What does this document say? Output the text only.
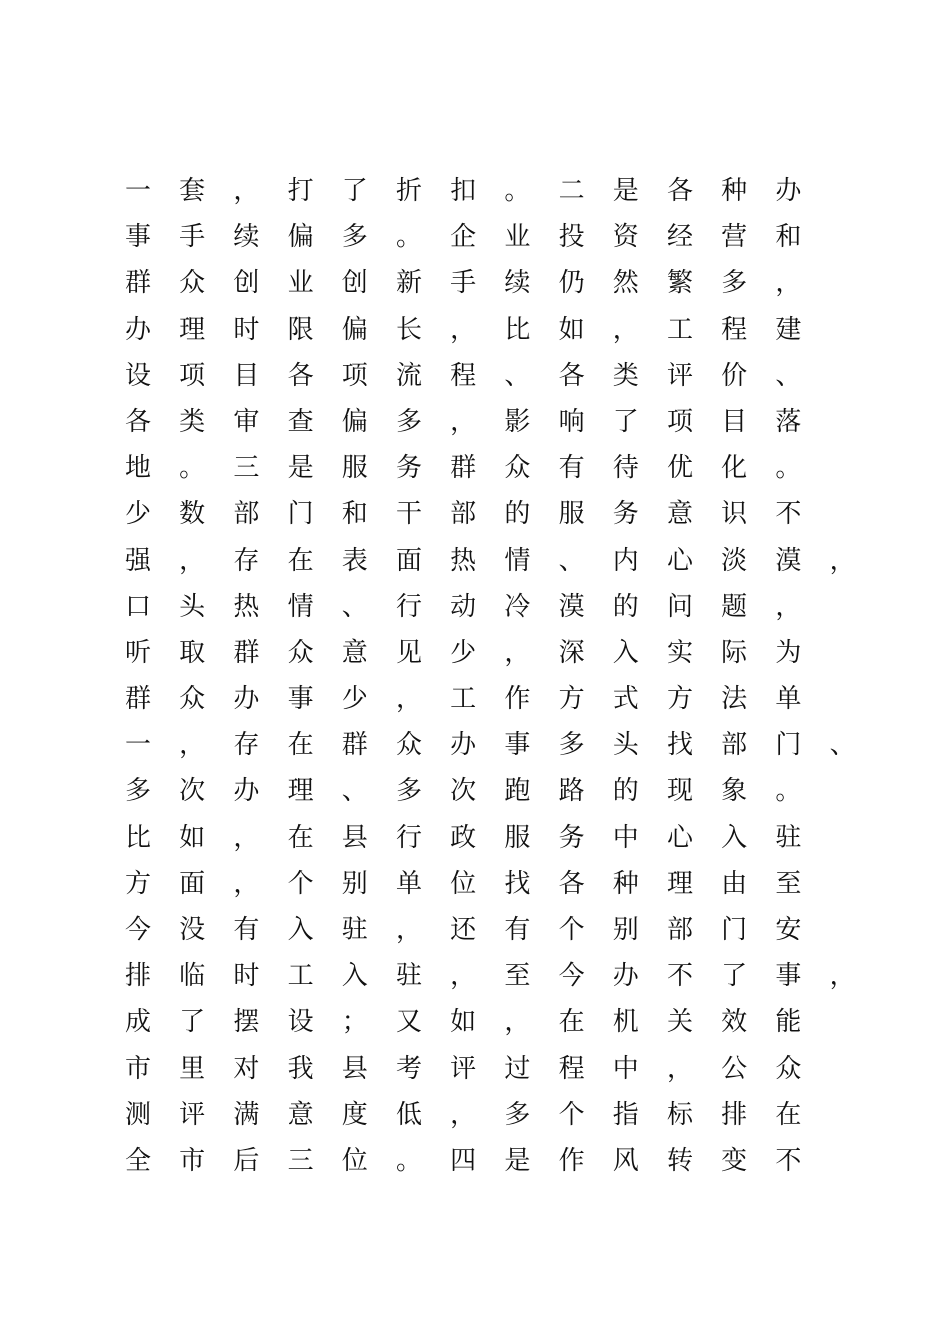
一 套 ， 打 了 折 扣 。 二 是 各 种 办
事 手 续 偏 多 。 企 业 投 资 经 营 和
群 众 创 业 创 新 手 续 仍 然 繁 多 ，
办 理 时 限 偏 长 ， 比 如 ， 工 程 建
设 项 目 各 项 流 程 、 各 类 评 价 、
各 类 审 查 偏 多 ， 影 响 了 项 目 落
地 。 三 是 服 务 群 众 有 待 优 化 。
少 数 部 门 和 干 部 的 服 务 意 识 不
强 ， 存 在 表 面 热 情 、 内 心 淡 漠 ，
口 头 热 情 、 行 动 冷 漠 的 问 题 ，
听 取 群 众 意 见 少 ， 深 入 实 际 为
群 众 办 事 少 ， 工 作 方 式 方 法 单
一 ， 存 在 群 众 办 事 多 头 找 部 门 、
多 次 办 理 、 多 次 跑 路 的 现 象 。
比 如 ， 在 县 行 政 服 务 中 心 入 驻
方 面 ， 个 别 单 位 找 各 种 理 由 至
今 没 有 入 驻 ， 还 有 个 别 部 门 安
排 临 时 工 入 驻 ， 至 今 办 不 了 事 ，
成 了 摆 设 ； 又 如 ， 在 机 关 效 能
市 里 对 我 县 考 评 过 程 中 ， 公 众
测 评 满 意 度 低 ， 多 个 指 标 排 在
全 市 后 三 位 。 四 是 作 风 转 变 不
